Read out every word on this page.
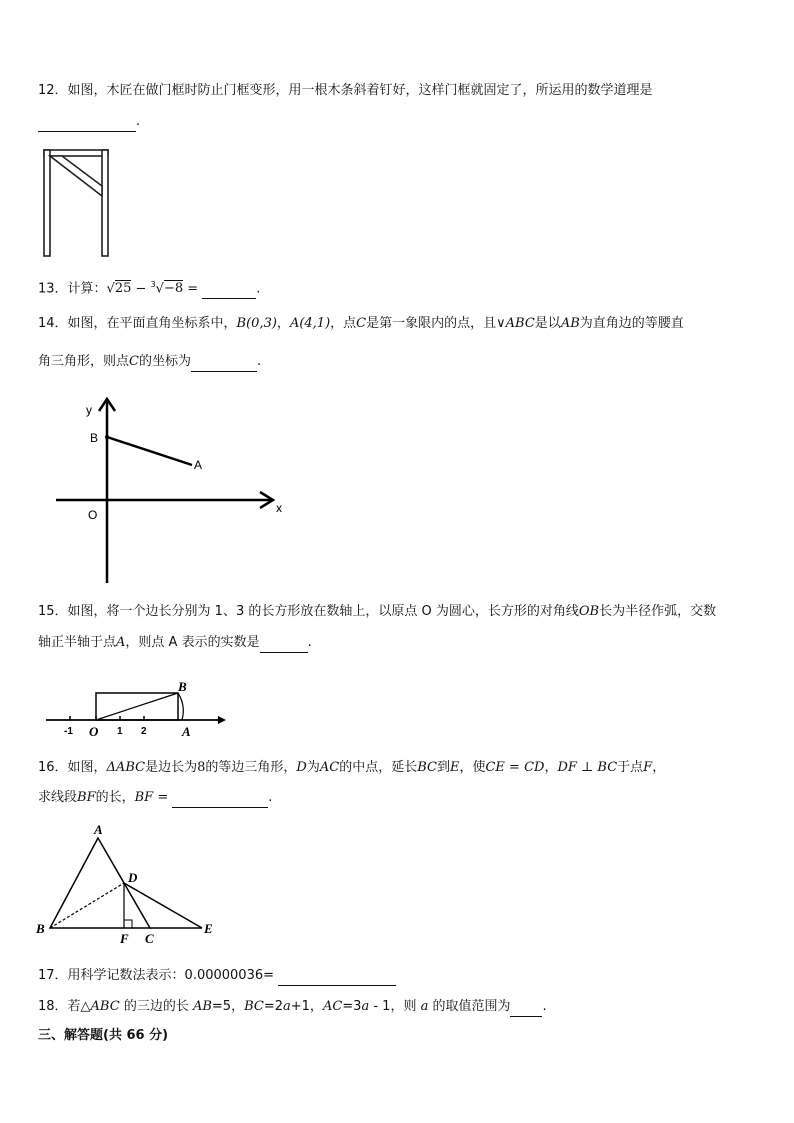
12．如图，木匠在做门框时防止门框变形，用一根木条斜着钉好，这样门框就固定了，所运用的数学道理是
.
13．计算：√25 − $^3$√−8 =	.
14．如图，在平面直角坐标系中，B(0,3)，A(4,1)，点C是第一象限内的点，且∨ABC是以AB为直角边的等腰直
角三角形，则点C的坐标为	.
y
x
B
A
O
15．如图，将一个边长分别为 1、3 的长方形放在数轴上，以原点 O 为圆心，长方形的对角线OB长为半径作弧，交数
轴正半轴于点A，则点 A 表示的实数是	.
-1 O 1 2
B
A
16．如图，ΔABC是边长为8的等边三角形，D为AC的中点，延长BC到E，使CE = CD，DF ⊥ BC于点F，
求线段BF的长，BF =	.
A
B
C
D
E
F
17．用科学记数法表示：0.00000036=
18．若△ABC 的三边的长 AB=5，BC=2a+1，AC=3a - 1，则 a 的取值范围为 .
三、解答题(共 66 分)
